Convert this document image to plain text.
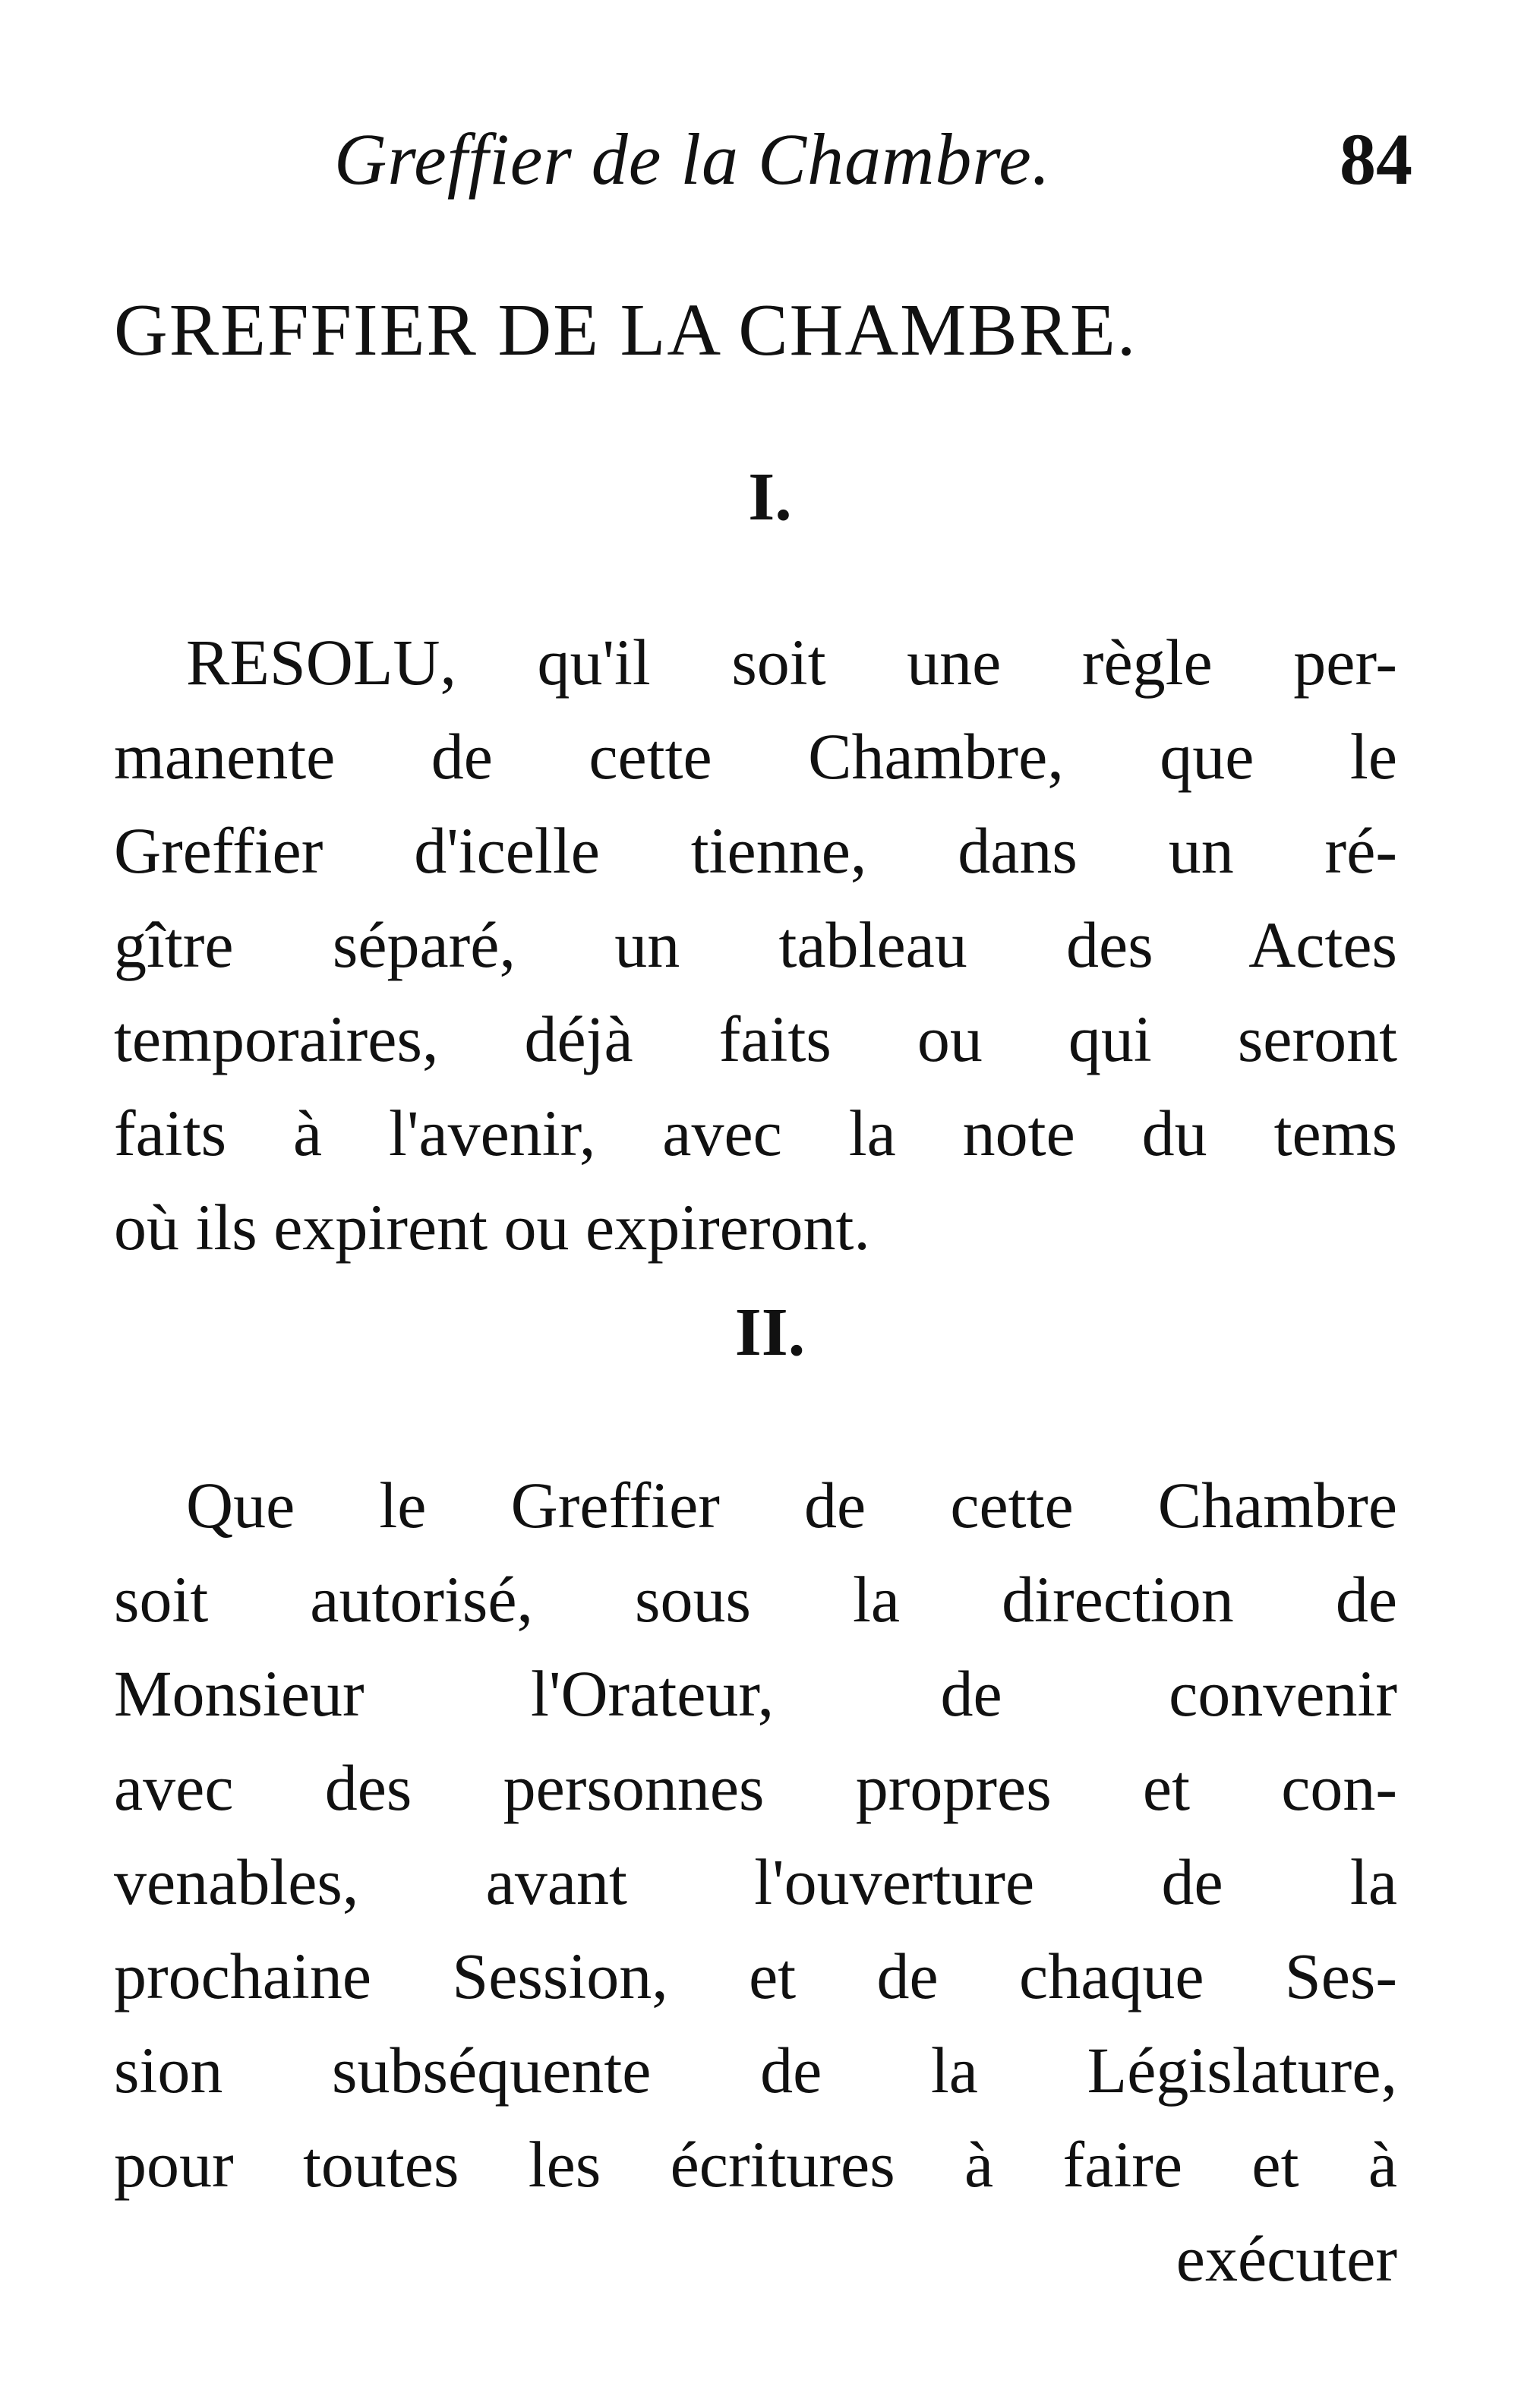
Greffier de la Chambre.	84
GREFFIER DE LA CHAMBRE.
I.
RESOLU, qu'il soit une règle per-
manente de cette Chambre, que le
Greffier d'icelle tienne, dans un ré-
gître séparé, un tableau des Actes
temporaires, déjà faits ou qui seront
faits à l'avenir, avec la note du tems
où ils expirent ou expireront.
II.
Que le Greffier de cette Chambre
soit autorisé, sous la direction de
Monsieur l'Orateur, de convenir
avec des personnes propres et con-
venables, avant l'ouverture de la
prochaine Session, et de chaque Ses-
sion subséquente de la Législature,
pour toutes les écritures à faire et à
exécuter
